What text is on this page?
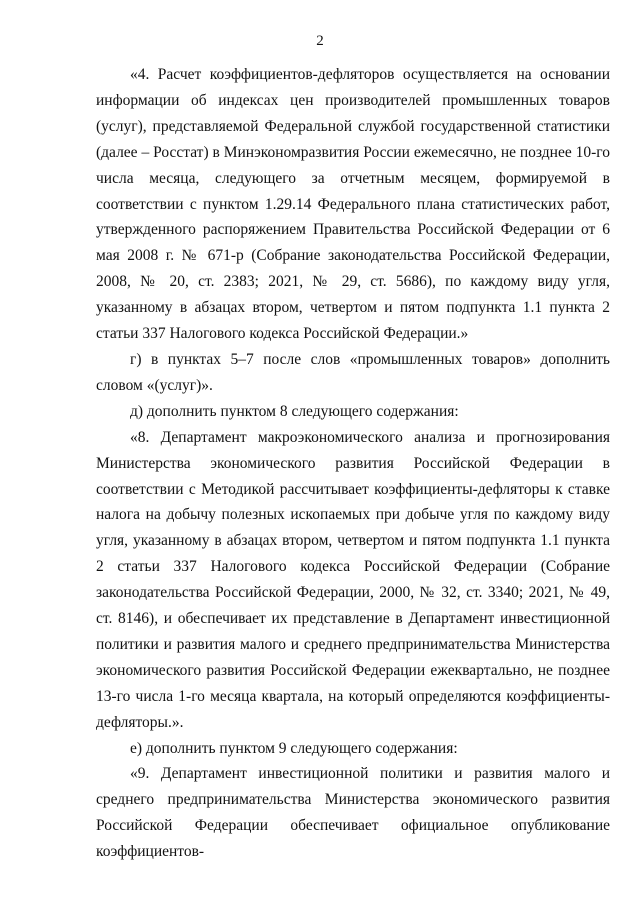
2

«4. Расчет коэффициентов-дефляторов осуществляется на основании информации об индексах цен производителей промышленных товаров (услуг), представляемой Федеральной службой государственной статистики (далее – Росстат) в Минэкономразвития России ежемесячно, не позднее 10-го числа месяца, следующего за отчетным месяцем, формируемой в соответствии с пунктом 1.29.14 Федерального плана статистических работ, утвержденного распоряжением Правительства Российской Федерации от 6 мая 2008 г. № 671-р (Собрание законодательства Российской Федерации, 2008, № 20, ст. 2383; 2021, № 29, ст. 5686), по каждому виду угля, указанному в абзацах втором, четвертом и пятом подпункта 1.1 пункта 2 статьи 337 Налогового кодекса Российской Федерации.»

г) в пунктах 5–7 после слов «промышленных товаров» дополнить словом «(услуг)».

д) дополнить пунктом 8 следующего содержания:

«8. Департамент макроэкономического анализа и прогнозирования Министерства экономического развития Российской Федерации в соответствии с Методикой рассчитывает коэффициенты-дефляторы к ставке налога на добычу полезных ископаемых при добыче угля по каждому виду угля, указанному в абзацах втором, четвертом и пятом подпункта 1.1 пункта 2 статьи 337 Налогового кодекса Российской Федерации (Собрание законодательства Российской Федерации, 2000, № 32, ст. 3340; 2021, № 49, ст. 8146), и обеспечивает их представление в Департамент инвестиционной политики и развития малого и среднего предпринимательства Министерства экономического развития Российской Федерации ежеквартально, не позднее 13-го числа 1-го месяца квартала, на который определяются коэффициенты-дефляторы.».

е) дополнить пунктом 9 следующего содержания:

«9. Департамент инвестиционной политики и развития малого и среднего предпринимательства Министерства экономического развития Российской Федерации обеспечивает официальное опубликование коэффициентов-
